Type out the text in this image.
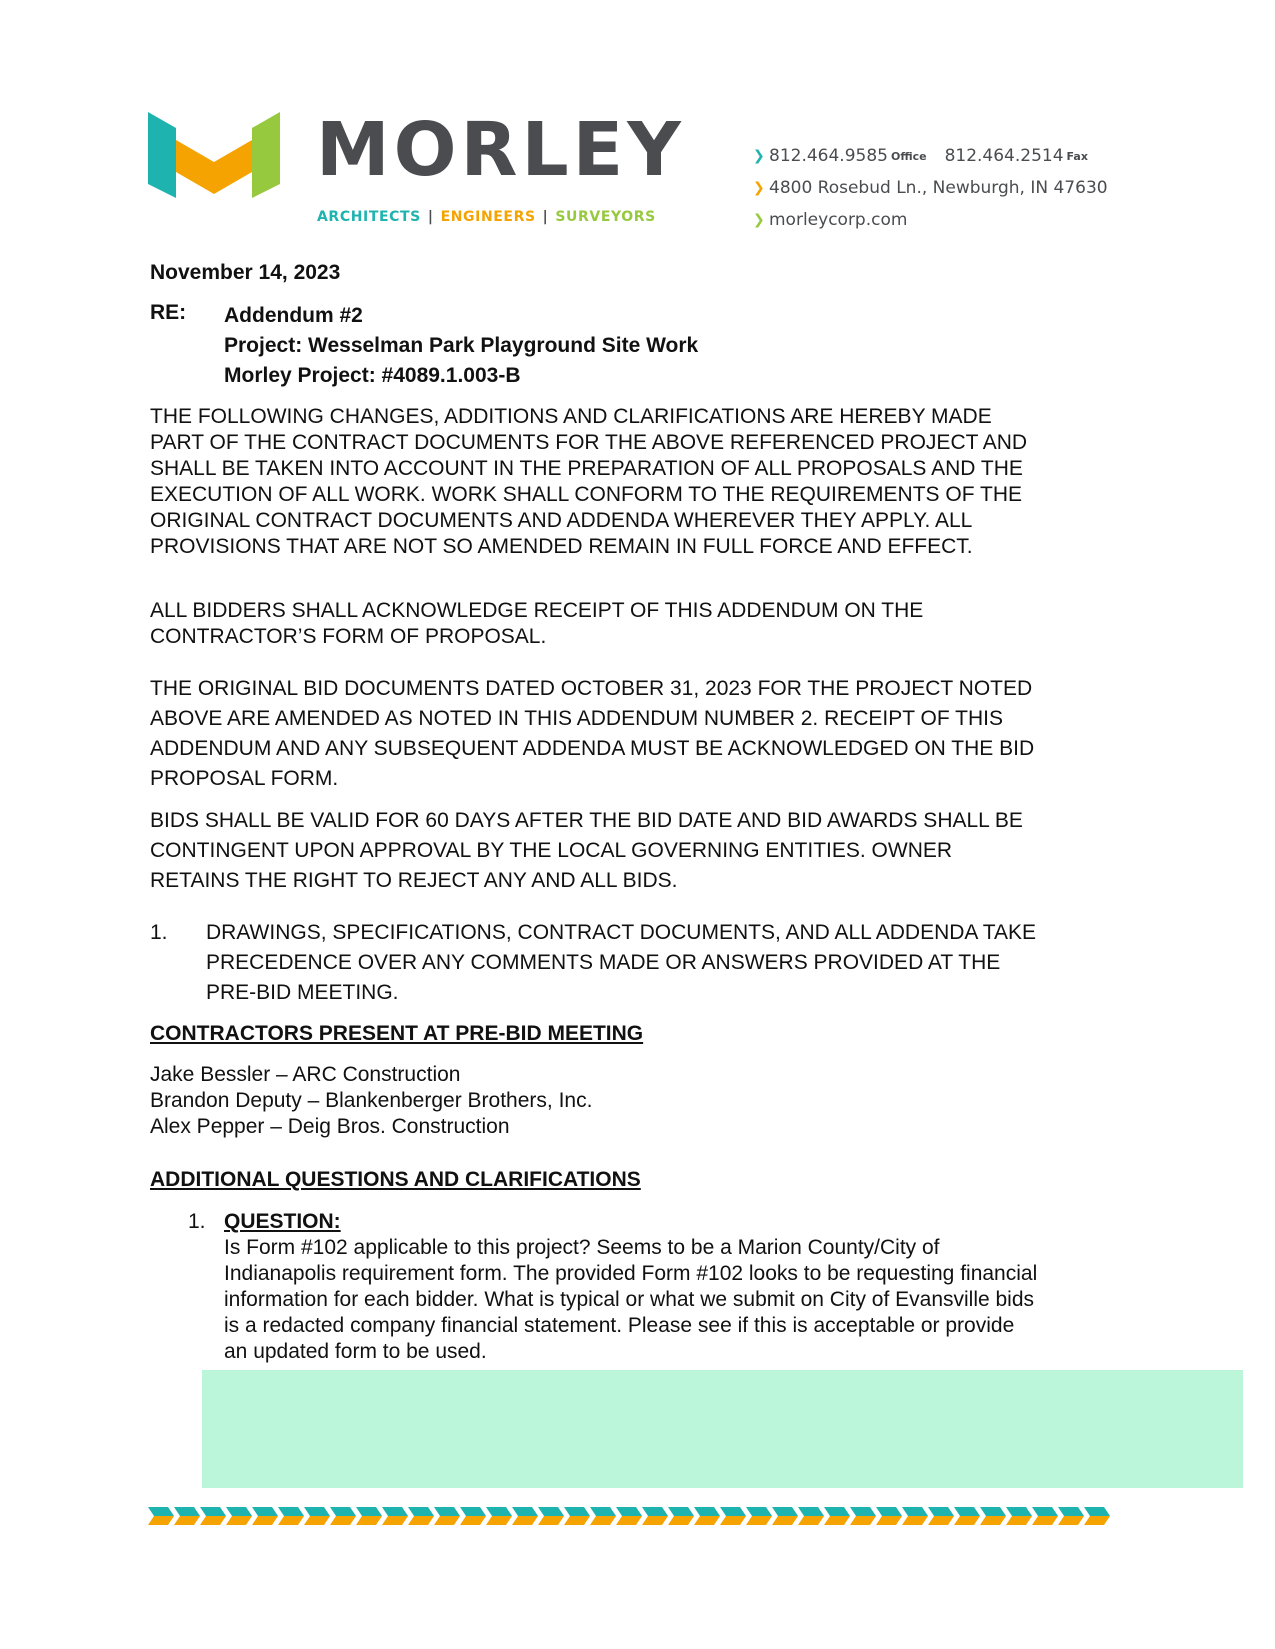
MORLEY
ARCHITECTS | ENGINEERS | SURVEYORS
❯ 812.464.9585 Office 812.464.2514 Fax
❯ 4800 Rosebud Ln., Newburgh, IN 47630
❯ morleycorp.com
November 14, 2023
RE: Addendum #2
Project: Wesselman Park Playground Site Work
Morley Project: #4089.1.003-B
THE FOLLOWING CHANGES, ADDITIONS AND CLARIFICATIONS ARE HEREBY MADE
PART OF THE CONTRACT DOCUMENTS FOR THE ABOVE REFERENCED PROJECT AND
SHALL BE TAKEN INTO ACCOUNT IN THE PREPARATION OF ALL PROPOSALS AND THE
EXECUTION OF ALL WORK. WORK SHALL CONFORM TO THE REQUIREMENTS OF THE
ORIGINAL CONTRACT DOCUMENTS AND ADDENDA WHEREVER THEY APPLY. ALL
PROVISIONS THAT ARE NOT SO AMENDED REMAIN IN FULL FORCE AND EFFECT.
ALL BIDDERS SHALL ACKNOWLEDGE RECEIPT OF THIS ADDENDUM ON THE
CONTRACTOR’S FORM OF PROPOSAL.
THE ORIGINAL BID DOCUMENTS DATED OCTOBER 31, 2023 FOR THE PROJECT NOTED
ABOVE ARE AMENDED AS NOTED IN THIS ADDENDUM NUMBER 2. RECEIPT OF THIS
ADDENDUM AND ANY SUBSEQUENT ADDENDA MUST BE ACKNOWLEDGED ON THE BID
PROPOSAL FORM.
BIDS SHALL BE VALID FOR 60 DAYS AFTER THE BID DATE AND BID AWARDS SHALL BE
CONTINGENT UPON APPROVAL BY THE LOCAL GOVERNING ENTITIES. OWNER
RETAINS THE RIGHT TO REJECT ANY AND ALL BIDS.
1. DRAWINGS, SPECIFICATIONS, CONTRACT DOCUMENTS, AND ALL ADDENDA TAKE
PRECEDENCE OVER ANY COMMENTS MADE OR ANSWERS PROVIDED AT THE
PRE-BID MEETING.
CONTRACTORS PRESENT AT PRE-BID MEETING
Jake Bessler – ARC Construction
Brandon Deputy – Blankenberger Brothers, Inc.
Alex Pepper – Deig Bros. Construction
ADDITIONAL QUESTIONS AND CLARIFICATIONS
1. QUESTION:
Is Form #102 applicable to this project? Seems to be a Marion County/City of
Indianapolis requirement form. The provided Form #102 looks to be requesting financial
information for each bidder. What is typical or what we submit on City of Evansville bids
is a redacted company financial statement. Please see if this is acceptable or provide
an updated form to be used.
